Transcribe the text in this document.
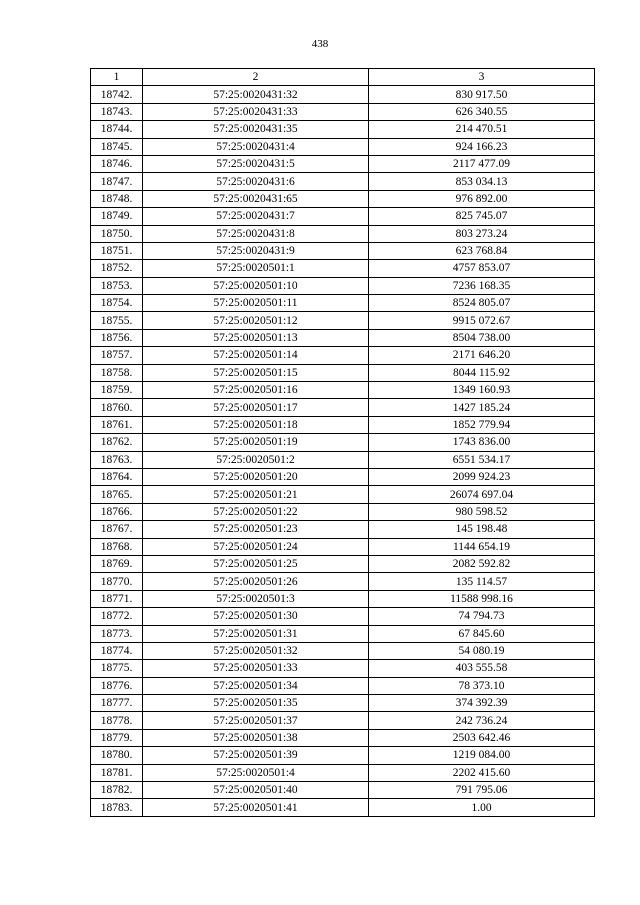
438
1	2	3
18742.	57:25:0020431:32	830 917.50
18743.	57:25:0020431:33	626 340.55
18744.	57:25:0020431:35	214 470.51
18745.	57:25:0020431:4	924 166.23
18746.	57:25:0020431:5	2117 477.09
18747.	57:25:0020431:6	853 034.13
18748.	57:25:0020431:65	976 892.00
18749.	57:25:0020431:7	825 745.07
18750.	57:25:0020431:8	803 273.24
18751.	57:25:0020431:9	623 768.84
18752.	57:25:0020501:1	4757 853.07
18753.	57:25:0020501:10	7236 168.35
18754.	57:25:0020501:11	8524 805.07
18755.	57:25:0020501:12	9915 072.67
18756.	57:25:0020501:13	8504 738.00
18757.	57:25:0020501:14	2171 646.20
18758.	57:25:0020501:15	8044 115.92
18759.	57:25:0020501:16	1349 160.93
18760.	57:25:0020501:17	1427 185.24
18761.	57:25:0020501:18	1852 779.94
18762.	57:25:0020501:19	1743 836.00
18763.	57:25:0020501:2	6551 534.17
18764.	57:25:0020501:20	2099 924.23
18765.	57:25:0020501:21	26074 697.04
18766.	57:25:0020501:22	980 598.52
18767.	57:25:0020501:23	145 198.48
18768.	57:25:0020501:24	1144 654.19
18769.	57:25:0020501:25	2082 592.82
18770.	57:25:0020501:26	135 114.57
18771.	57:25:0020501:3	11588 998.16
18772.	57:25:0020501:30	74 794.73
18773.	57:25:0020501:31	67 845.60
18774.	57:25:0020501:32	54 080.19
18775.	57:25:0020501:33	403 555.58
18776.	57:25:0020501:34	78 373.10
18777.	57:25:0020501:35	374 392.39
18778.	57:25:0020501:37	242 736.24
18779.	57:25:0020501:38	2503 642.46
18780.	57:25:0020501:39	1219 084.00
18781.	57:25:0020501:4	2202 415.60
18782.	57:25:0020501:40	791 795.06
18783.	57:25:0020501:41	1.00
